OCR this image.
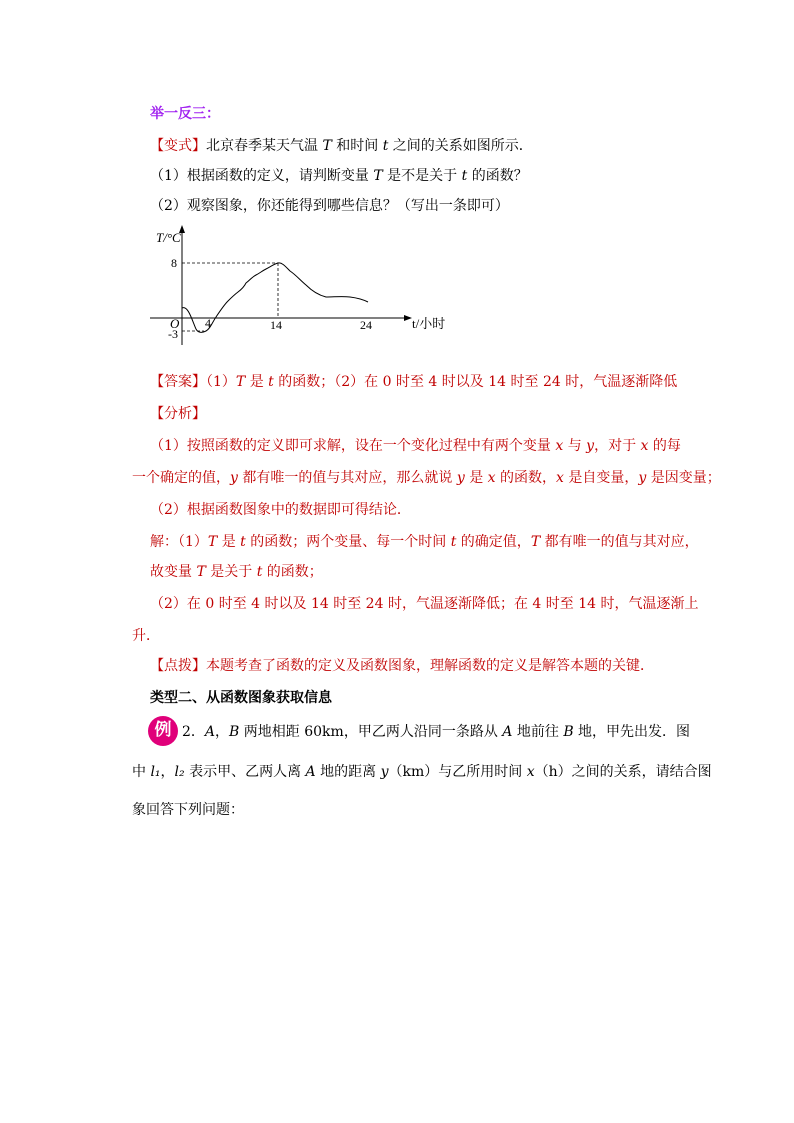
举一反三：
【变式】北京春季某天气温 T 和时间 t 之间的关系如图所示．
（1）根据函数的定义，请判断变量 T 是不是关于 t 的函数？
（2）观察图象，你还能得到哪些信息？（写出一条即可）
T/°C
t/小时
O
8
-3
4	14	24
【答案】（1）T 是 t 的函数；（2）在 0 时至 4 时以及 14 时至 24 时，气温逐渐降低
【分析】
（1）按照函数的定义即可求解，设在一个变化过程中有两个变量 x 与 y，对于 x 的每
一个确定的值，y 都有唯一的值与其对应，那么就说 y 是 x 的函数，x 是自变量，y 是因变量；
（2）根据函数图象中的数据即可得结论．
解：（1）T 是 t 的函数；两个变量、每一个时间 t 的确定值，T 都有唯一的值与其对应，
故变量 T 是关于 t 的函数；
（2）在 0 时至 4 时以及 14 时至 24 时，气温逐渐降低；在 4 时至 14 时，气温逐渐上
升．
【点拨】本题考查了函数的定义及函数图象，理解函数的定义是解答本题的关键．
类型二、从函数图象获取信息
例 2．A，B 两地相距 60km，甲乙两人沿同一条路从 A 地前往 B 地，甲先出发．图
中 l₁，l₂ 表示甲、乙两人离 A 地的距离 y（km）与乙所用时间 x（h）之间的关系，请结合图
象回答下列问题：
